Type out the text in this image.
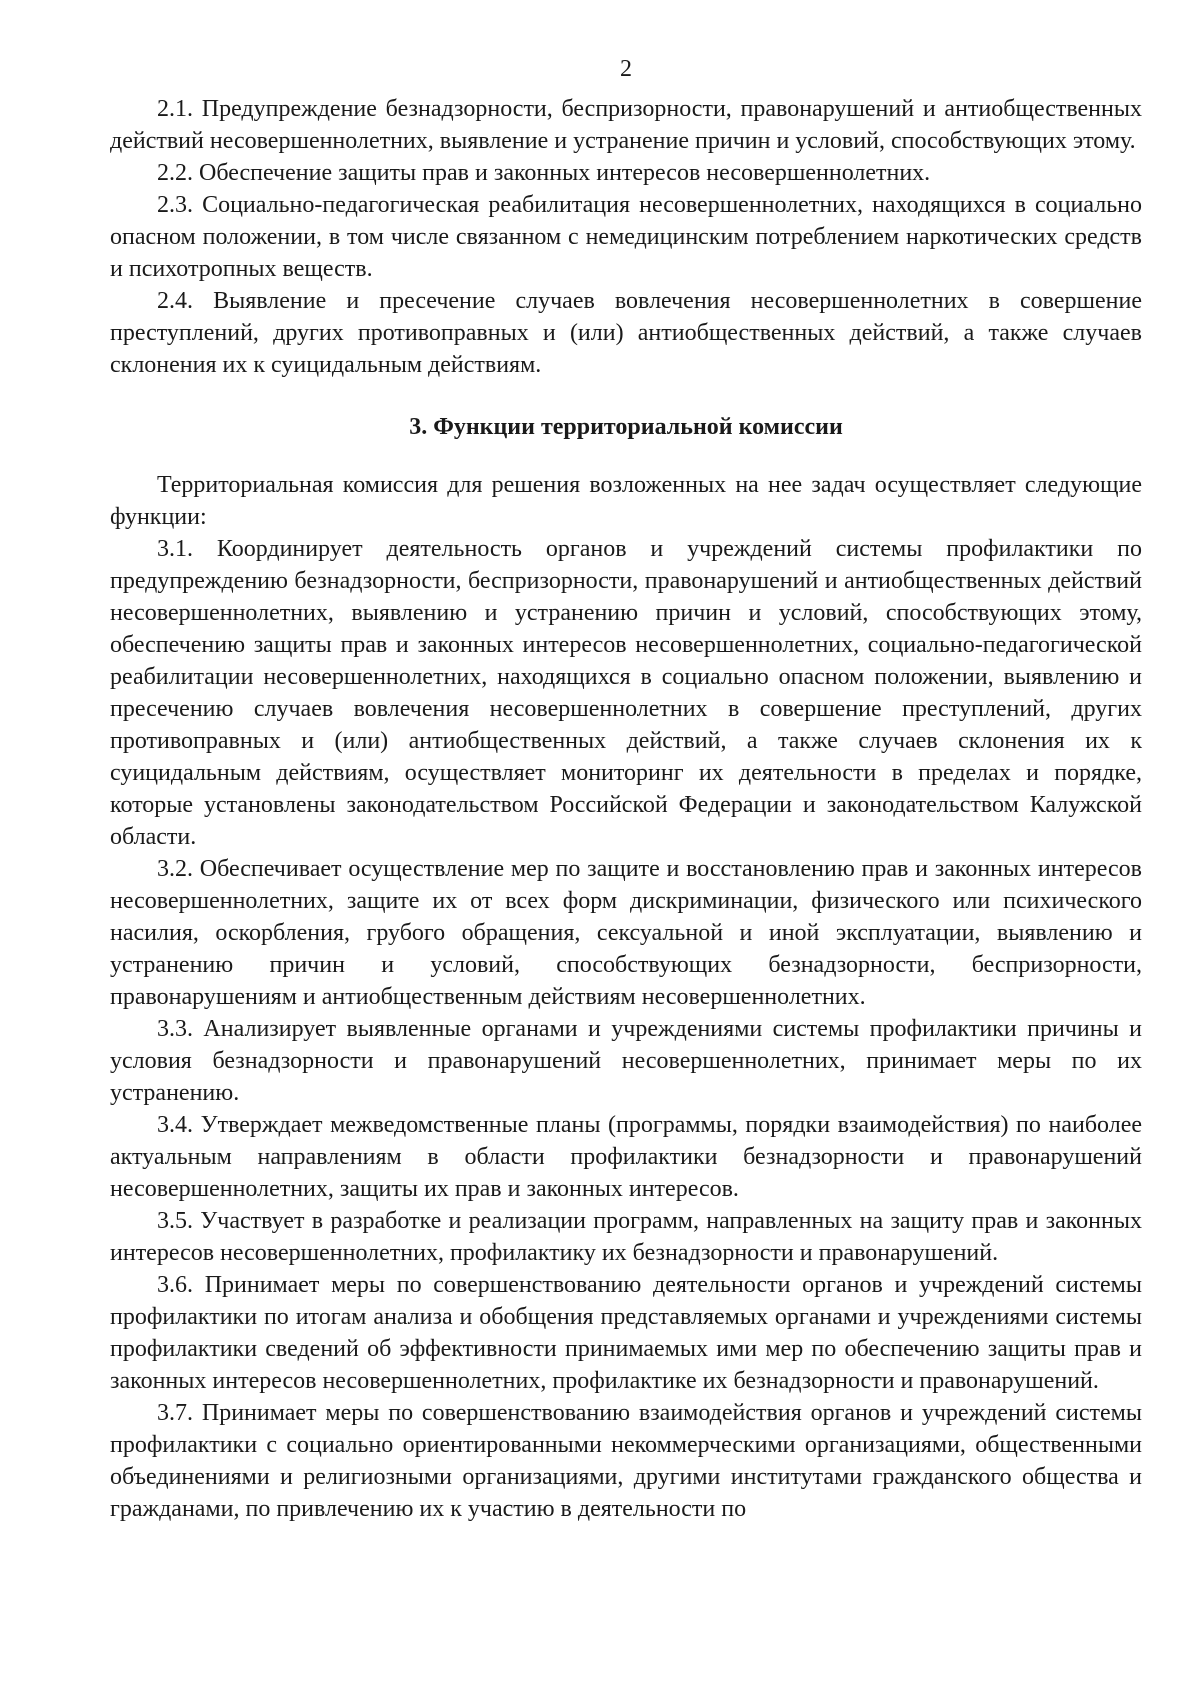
2

2.1. Предупреждение безнадзорности, беспризорности, правонарушений и антиобщественных действий несовершеннолетних, выявление и устранение причин и условий, способствующих этому.

2.2. Обеспечение защиты прав и законных интересов несовершеннолетних.

2.3. Социально-педагогическая реабилитация несовершеннолетних, находящихся в социально опасном положении, в том числе связанном с немедицинским потреблением наркотических средств и психотропных веществ.

2.4. Выявление и пресечение случаев вовлечения несовершеннолетних в совершение преступлений, других противоправных и (или) антиобщественных действий, а также случаев склонения их к суицидальным действиям.

3. Функции территориальной комиссии

Территориальная комиссия для решения возложенных на нее задач осуществляет следующие функции:

3.1. Координирует деятельность органов и учреждений системы профилактики по предупреждению безнадзорности, беспризорности, правонарушений и антиобщественных действий несовершеннолетних, выявлению и устранению причин и условий, способствующих этому, обеспечению защиты прав и законных интересов несовершеннолетних, социально-педагогической реабилитации несовершеннолетних, находящихся в социально опасном положении, выявлению и пресечению случаев вовлечения несовершеннолетних в совершение преступлений, других противоправных и (или) антиобщественных действий, а также случаев склонения их к суицидальным действиям, осуществляет мониторинг их деятельности в пределах и порядке, которые установлены законодательством Российской Федерации и законодательством Калужской области.

3.2. Обеспечивает осуществление мер по защите и восстановлению прав и законных интересов несовершеннолетних, защите их от всех форм дискриминации, физического или психического насилия, оскорбления, грубого обращения, сексуальной и иной эксплуатации, выявлению и устранению причин и условий, способствующих безнадзорности, беспризорности, правонарушениям и антиобщественным действиям несовершеннолетних.

3.3. Анализирует выявленные органами и учреждениями системы профилактики причины и условия безнадзорности и правонарушений несовершеннолетних, принимает меры по их устранению.

3.4. Утверждает межведомственные планы (программы, порядки взаимодействия) по наиболее актуальным направлениям в области профилактики безнадзорности и правонарушений несовершеннолетних, защиты их прав и законных интересов.

3.5. Участвует в разработке и реализации программ, направленных на защиту прав и законных интересов несовершеннолетних, профилактику их безнадзорности и правонарушений.

3.6. Принимает меры по совершенствованию деятельности органов и учреждений системы профилактики по итогам анализа и обобщения представляемых органами и учреждениями системы профилактики сведений об эффективности принимаемых ими мер по обеспечению защиты прав и законных интересов несовершеннолетних, профилактике их безнадзорности и правонарушений.

3.7. Принимает меры по совершенствованию взаимодействия органов и учреждений системы профилактики с социально ориентированными некоммерческими организациями, общественными объединениями и религиозными организациями, другими институтами гражданского общества и гражданами, по привлечению их к участию в деятельности по
